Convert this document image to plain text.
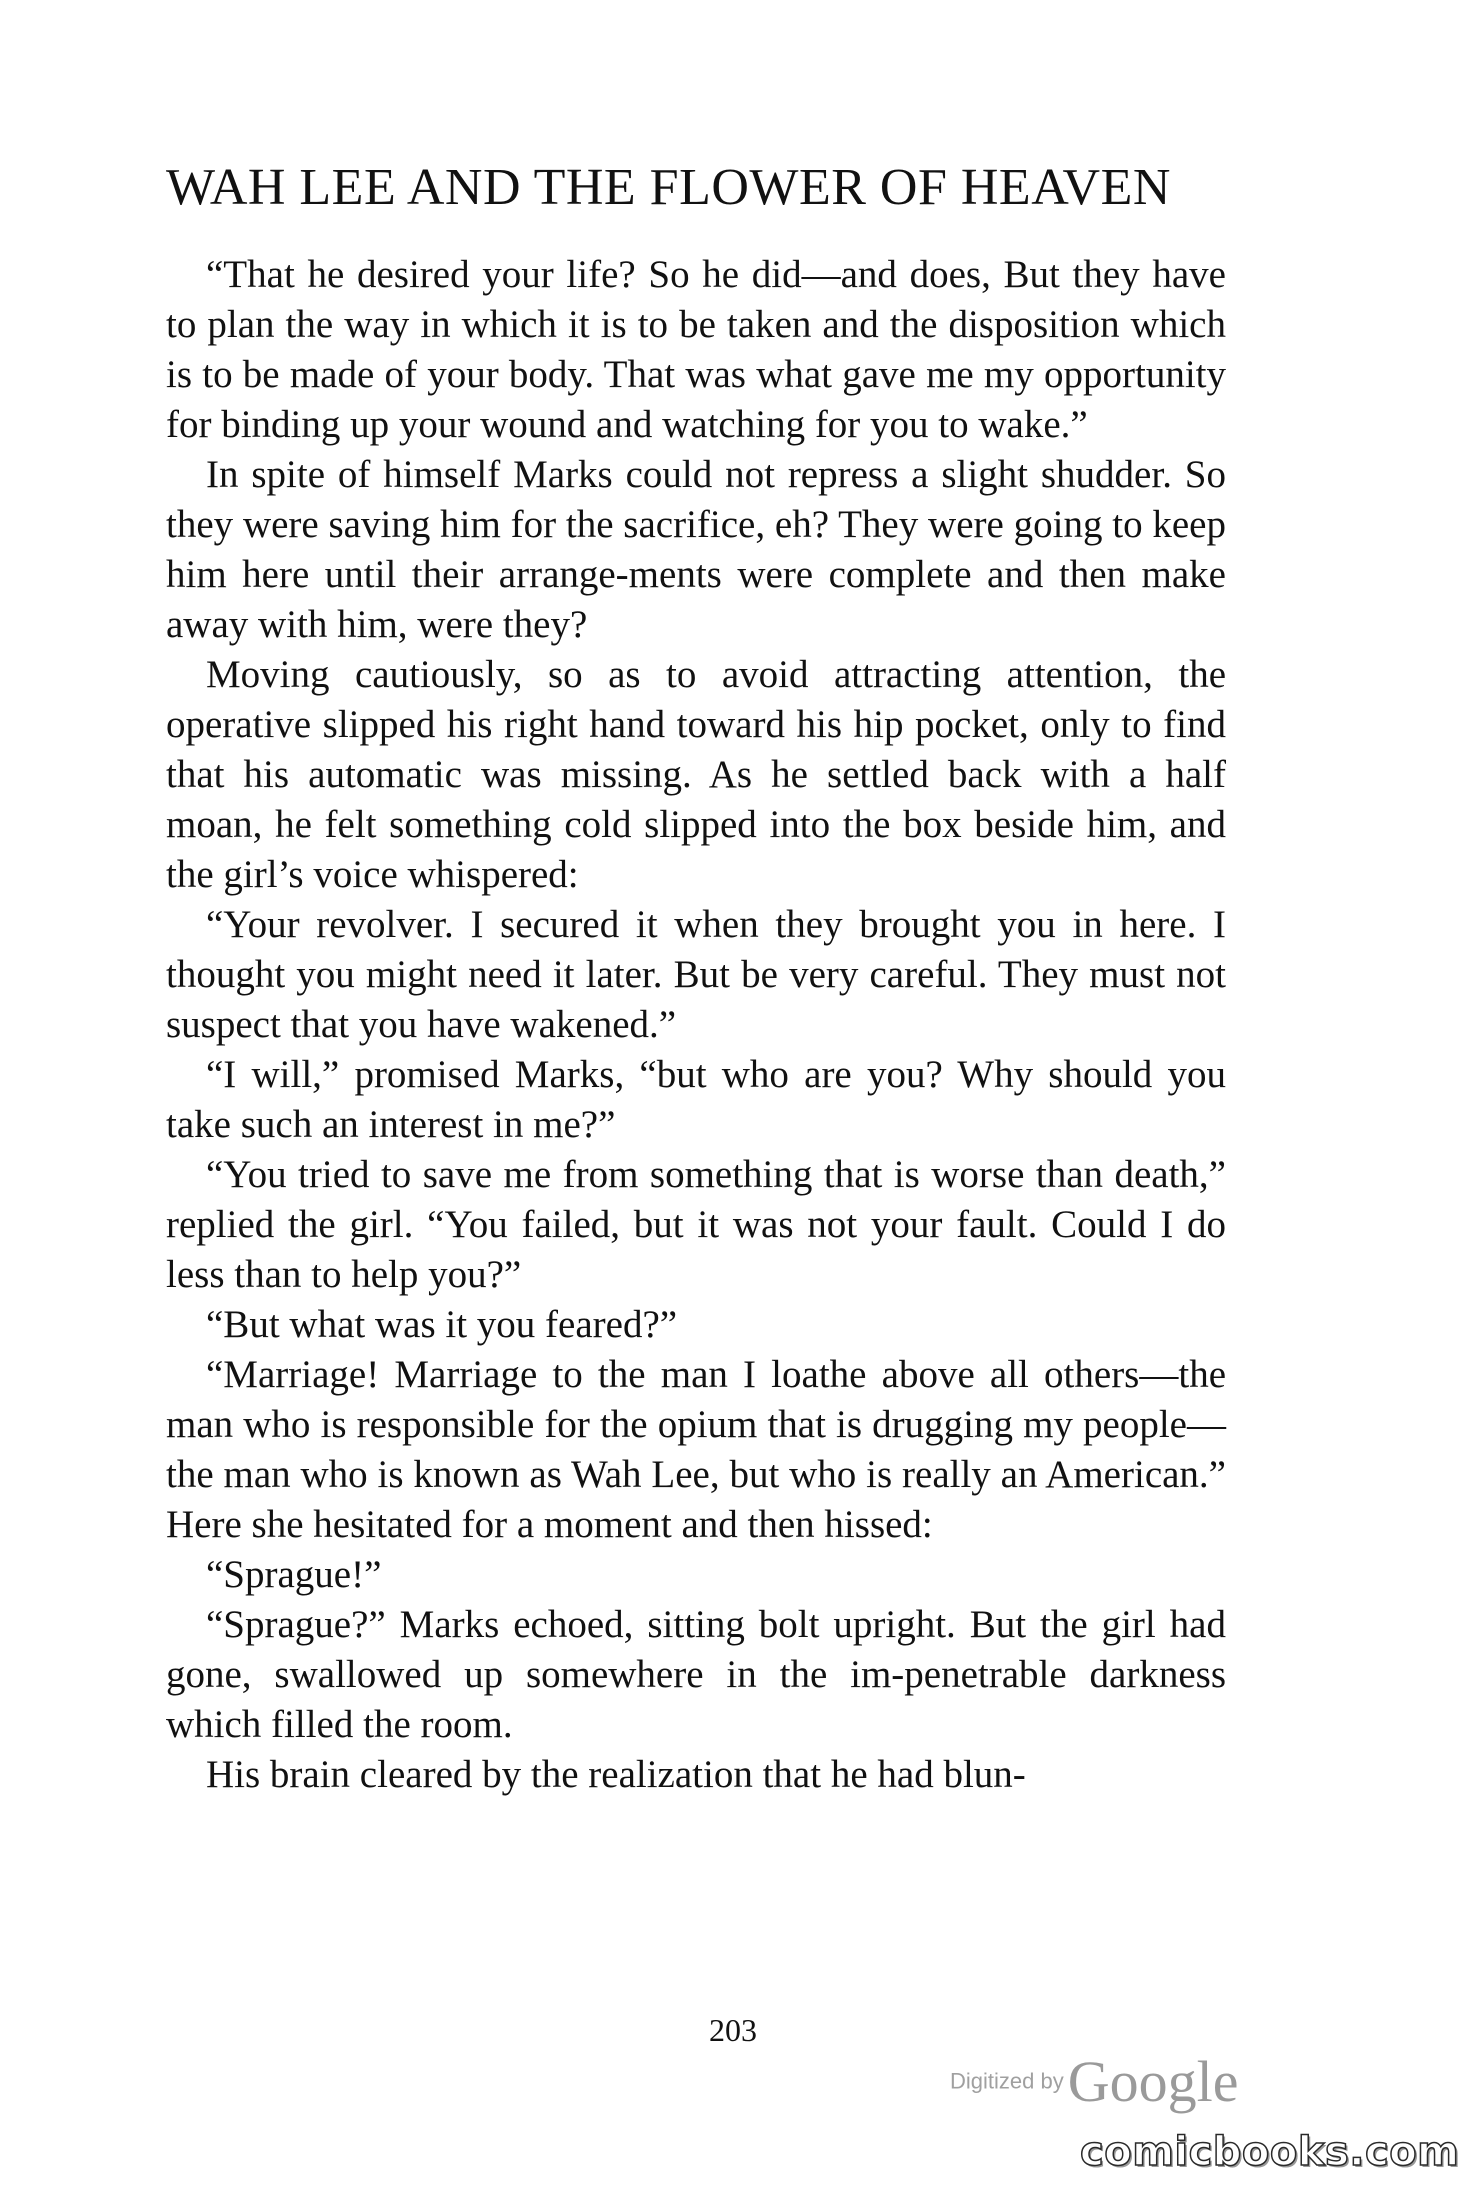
WAH LEE AND THE FLOWER OF HEAVEN

“That he desired your life? So he did—and does, But they have to plan the way in which it is to be taken and the disposition which is to be made of your body. That was what gave me my opportunity for binding up your wound and watching for you to wake.”

In spite of himself Marks could not repress a slight shudder. So they were saving him for the sacrifice, eh? They were going to keep him here until their arrange-ments were complete and then make away with him, were they?

Moving cautiously, so as to avoid attracting attention, the operative slipped his right hand toward his hip pocket, only to find that his automatic was missing. As he settled back with a half moan, he felt something cold slipped into the box beside him, and the girl’s voice whispered:

“Your revolver. I secured it when they brought you in here. I thought you might need it later. But be very careful. They must not suspect that you have wakened.”

“I will,” promised Marks, “but who are you? Why should you take such an interest in me?”

“You tried to save me from something that is worse than death,” replied the girl. “You failed, but it was not your fault. Could I do less than to help you?”

“But what was it you feared?”

“Marriage! Marriage to the man I loathe above all others—the man who is responsible for the opium that is drugging my people—the man who is known as Wah Lee, but who is really an American.” Here she hesitated for a moment and then hissed:

“Sprague!”

“Sprague?” Marks echoed, sitting bolt upright. But the girl had gone, swallowed up somewhere in the im-penetrable darkness which filled the room.

His brain cleared by the realization that he had blun-

203
Digitized by Google
comicbooks.com
